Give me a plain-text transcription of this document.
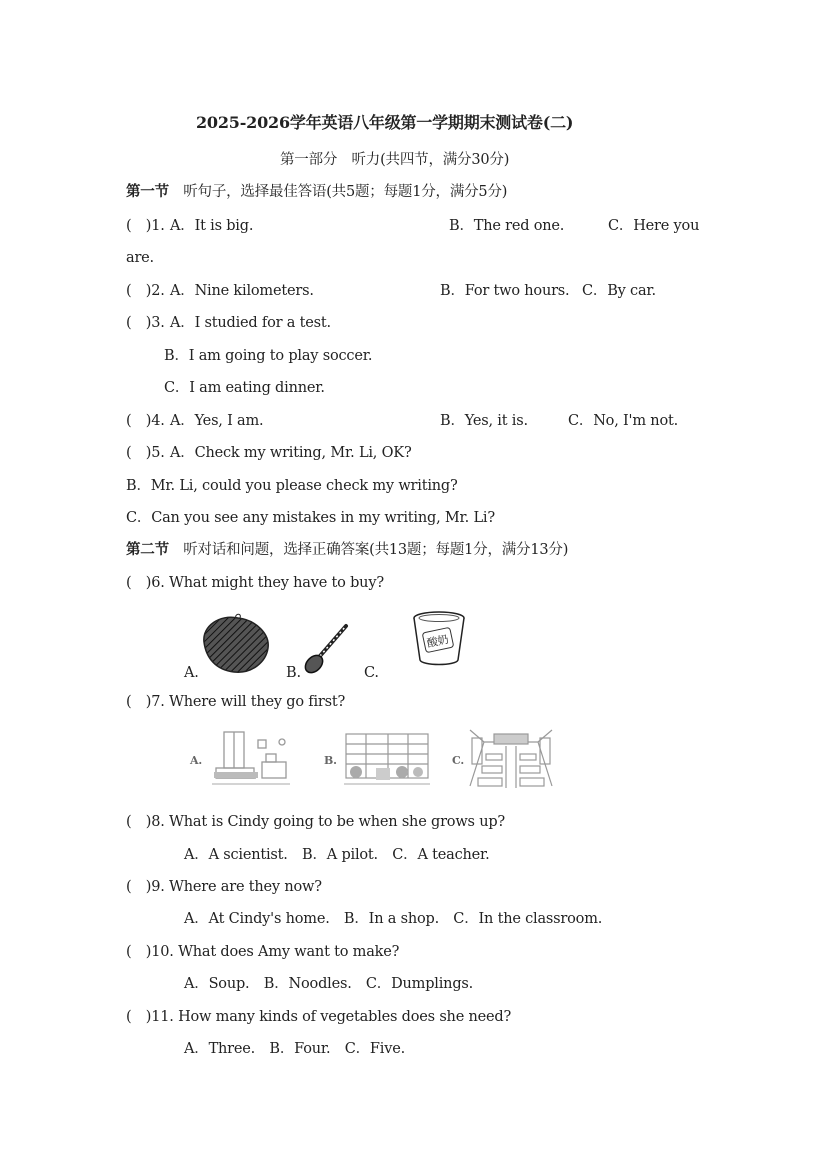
2025-2026学年英语八年级第一学期期末测试卷(二)
第一部分　听力(共四节，满分30分)
第一节　 听句子，选择最佳答语(共5题；每题1分，满分5分)
(　)1. A．It is big.	B．The red one.	C．Here you
are.
(　)2. A．Nine kilometers.	B．For two hours. C．By car.
(　)3. A．I studied for a test.
B．I am going to play soccer.
C．I am eating dinner.
(　)4. A．Yes, I am.	B．Yes, it is.	C．No, I'm not.
(　)5. A．Check my writing, Mr. Li, OK?
B．Mr. Li, could you please check my writing?
C．Can you see any mistakes in my writing, Mr. Li?
第二节　 听对话和问题，选择正确答案(共13题；每题1分，满分13分)
(　)6. What might they have to buy?
A.	B.	C.
酸奶
(　)7. Where will they go first?
A.	B.	C.
(　)8. What is Cindy going to be when she grows up?
A．A scientist.　B．A pilot.　C．A teacher.
(　)9. Where are they now?
A．At Cindy's home.　B．In a shop.　C．In the classroom.
(　)10. What does Amy want to make?
A．Soup.　B．Noodles.　C．Dumplings.
(　)11. How many kinds of vegetables does she need?
A．Three.　B．Four.　C．Five.
